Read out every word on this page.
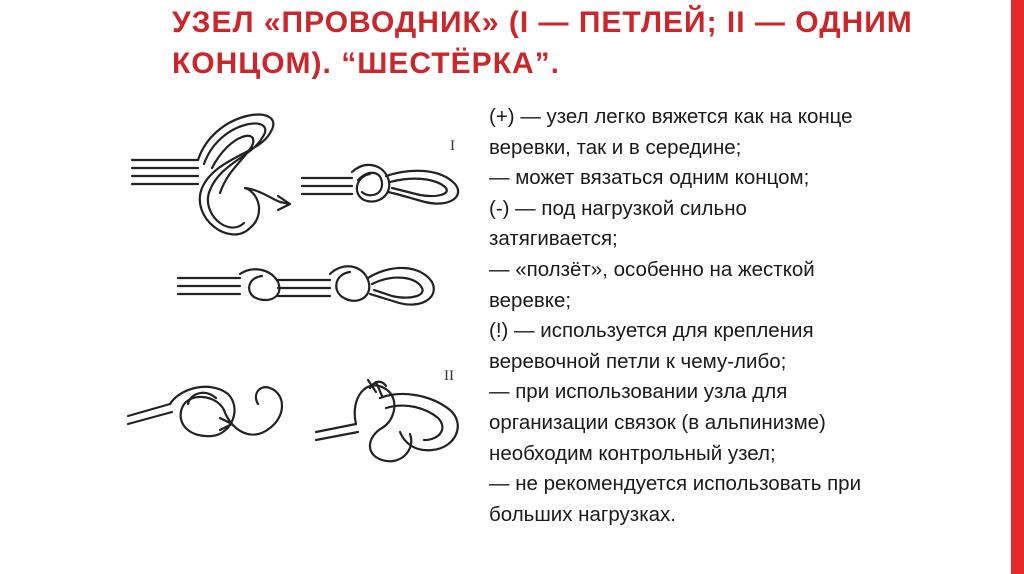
УЗЕЛ «ПРОВОДНИК» (I — ПЕТЛЕЙ; II — ОДНИМ КОНЦОМ). “ШЕСТЁРКА”.
I
II
(+) — узел легко вяжется как на конце
веревки, так и в середине;
— может вязаться одним концом;
(-) — под нагрузкой сильно
затягивается;
— «ползёт», особенно на жесткой
веревке;
(!) — используется для крепления
веревочной петли к чему-либо;
— при использовании узла для
организации связок (в альпинизме)
необходим контрольный узел;
— не рекомендуется использовать при
больших нагрузках.
